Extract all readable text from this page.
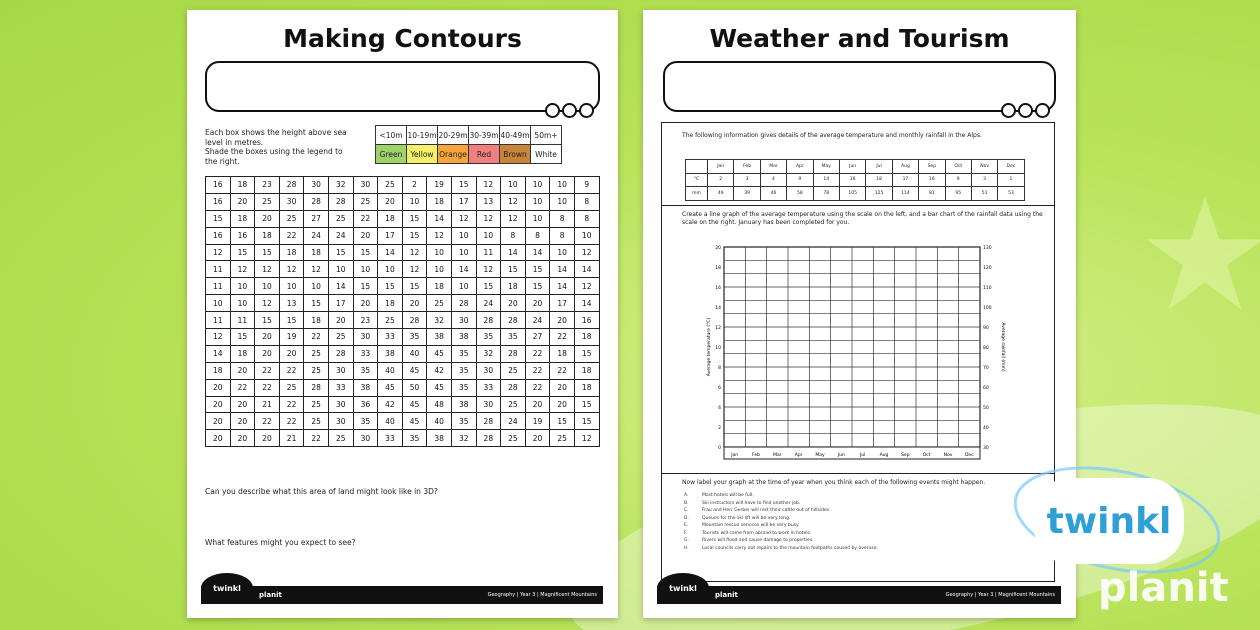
Making Contours
Each box shows the height above sea
level in metres.
Shade the boxes using the legend to
the right.
<10m	10-19m	20-29m	30-39m	40-49m	50m+
Green	Yellow	Orange	Red	Brown	White
16	18	23	28	30	32	30	25	2	19	15	12	10	10	10	9
16	20	25	30	28	28	25	20	10	18	17	13	12	10	10	8
15	18	20	25	27	25	22	18	15	14	12	12	12	10	8	8
16	16	18	22	24	24	20	17	15	12	10	10	8	8	8	10
12	15	15	18	18	15	15	14	12	10	10	11	14	14	10	12
11	12	12	12	12	10	10	10	12	10	14	12	15	15	14	14
11	10	10	10	10	14	15	15	15	18	10	15	18	15	14	12
10	10	12	13	15	17	20	18	20	25	28	24	20	20	17	14
11	11	15	15	18	20	23	25	28	32	30	28	28	24	20	16
12	15	20	19	22	25	30	33	35	38	38	35	35	27	22	18
14	18	20	20	25	28	33	38	40	45	35	32	28	22	18	15
18	20	22	22	25	30	35	40	45	42	35	30	25	22	22	18
20	22	22	25	28	33	38	45	50	45	35	33	28	22	20	18
20	20	21	22	25	30	36	42	45	48	38	30	25	20	20	15
20	20	22	22	25	30	35	40	45	40	35	28	24	19	15	15
20	20	20	21	22	25	30	33	35	38	32	28	25	20	25	12
Can you describe what this area of land might look like in 3D?
What features might you expect to see?
twinkl
planit	Geography | Year 3 | Magnificent Mountains
Weather and Tourism
The following information gives details of the average temperature and monthly rainfall in the Alps.
	Jan	Feb	Mar	Apr	May	Jun	Jul	Aug	Sep	Oct	Nov	Dec
°C	2	3	4	9	14	16	18	17	16	9	3	1
mm	49	39	46	58	78	105	125	114	81	95	51	53
Create a line graph of the average temperature using the scale on the left, and a bar chart of the rainfall data using the scale on the right. January has been completed for you.
Jan	Feb	Mar	Apr	May	Jun	Jul	Aug	Sep	Oct	Nov	Dec
20
18
16
14
12
10
8
6
4
2
0
130
120
110
100
90
80
70
60
50
40
30
Average temperature (°C)	Average rainfall (mm)
Now label your graph at the time of year when you think each of the following events might happen.
A.	Most hotels will be full.
B.	Ski instructors will have to find another job.
C.	Frau and Herr Gerber will rest their cattle out of hillsides.
D.	Queues for the ski lift will be very long.
E.	Mountain rescue services will be very busy.
F.	Tourists will come from abroad to work in hotels.
G.	Rivers will flood and cause damage to properties.
H.	Local councils carry out repairs to the mountain footpaths caused by overuse.
twinkl
planit	Geography | Year 3 | Magnificent Mountains
twinkl
planit
